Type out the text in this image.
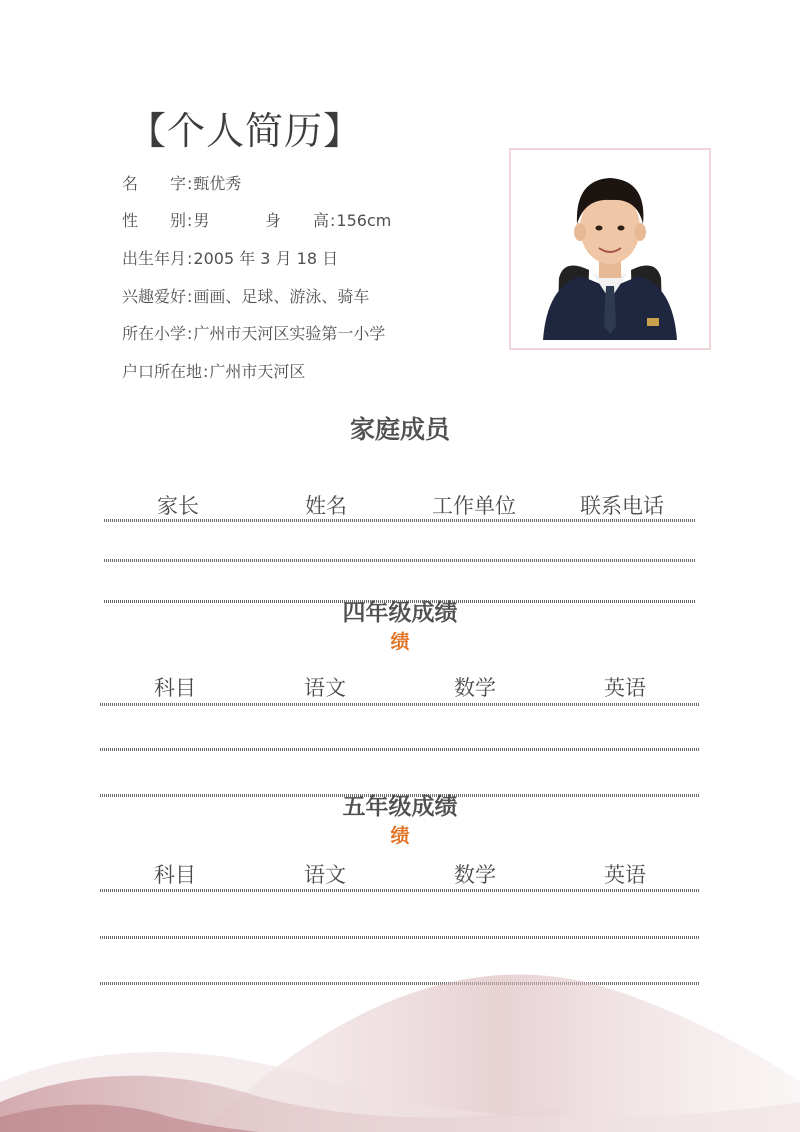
【个人简历】
名　　字:甄优秀
性　　别:男	身　　高:156cm
出生年月:2005 年 3 月 18 日
兴趣爱好:画画、足球、游泳、骑车
所在小学:广州市天河区实验第一小学
户口所在地:广州市天河区
家庭成员
家长	姓名	工作单位	联系电话
四年级成绩
绩
科目	语文	数学	英语
五年级成绩
绩
科目	语文	数学	英语
